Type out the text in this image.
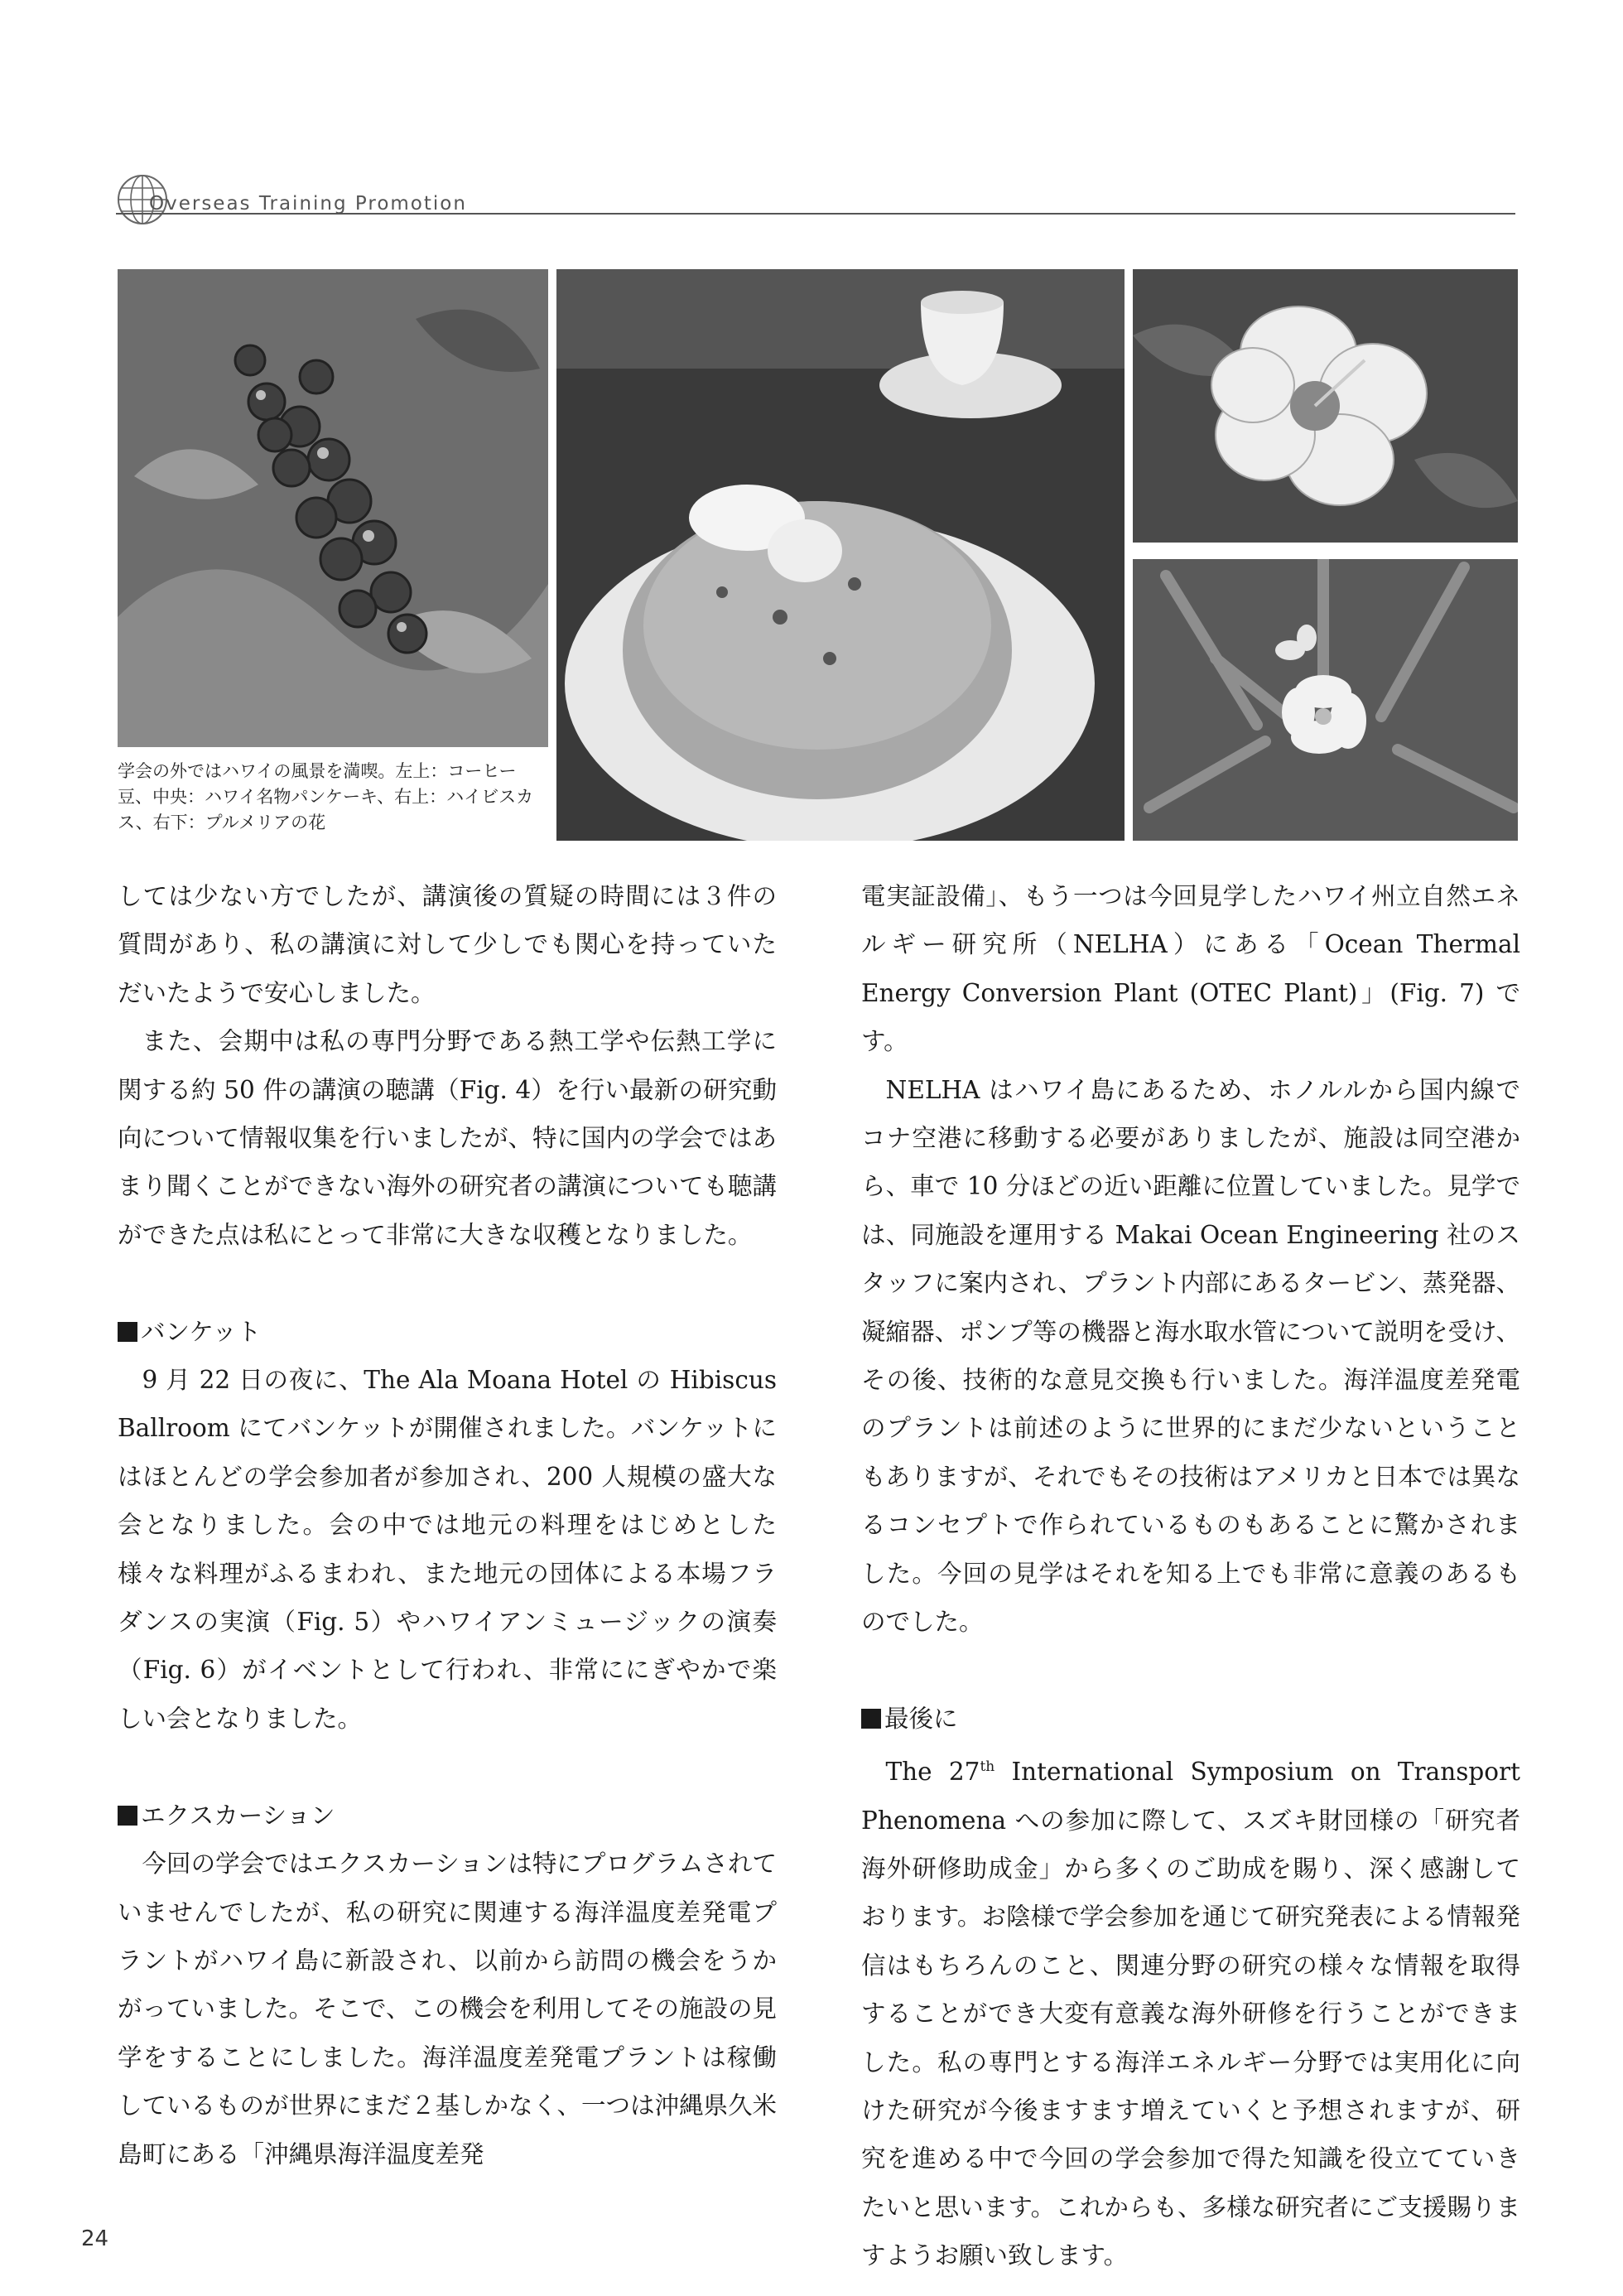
Overseas Training Promotion
学会の外ではハワイの風景を満喫。左上：コーヒー豆、中央：ハワイ名物パンケーキ、右上：ハイビスカス、右下：プルメリアの花

しては少ない方でしたが、講演後の質疑の時間には３件の質問があり、私の講演に対して少しでも関心を持っていただいたようで安心しました。

また、会期中は私の専門分野である熱工学や伝熱工学に関する約 50 件の講演の聴講（Fig. 4）を行い最新の研究動向について情報収集を行いましたが、特に国内の学会ではあまり聞くことができない海外の研究者の講演についても聴講ができた点は私にとって非常に大きな収穫となりました。

バンケット

9 月 22 日の夜に、The Ala Moana Hotel の Hibiscus Ballroom にてバンケットが開催されました。バンケットにはほとんどの学会参加者が参加され、200 人規模の盛大な会となりました。会の中では地元の料理をはじめとした様々な料理がふるまわれ、また地元の団体による本場フラダンスの実演（Fig. 5）やハワイアンミュージックの演奏（Fig. 6）がイベントとして行われ、非常ににぎやかで楽しい会となりました。

エクスカーション

今回の学会ではエクスカーションは特にプログラムされていませんでしたが、私の研究に関連する海洋温度差発電プラントがハワイ島に新設され、以前から訪問の機会をうかがっていました。そこで、この機会を利用してその施設の見学をすることにしました。海洋温度差発電プラントは稼働しているものが世界にまだ２基しかなく、一つは沖縄県久米島町にある「沖縄県海洋温度差発

電実証設備」、もう一つは今回見学したハワイ州立自然エネルギー研究所（NELHA）にある「Ocean Thermal Energy Conversion Plant (OTEC Plant)」(Fig. 7) です。

NELHA はハワイ島にあるため、ホノルルから国内線でコナ空港に移動する必要がありましたが、施設は同空港から、車で 10 分ほどの近い距離に位置していました。見学では、同施設を運用する Makai Ocean Engineering 社のスタッフに案内され、プラント内部にあるタービン、蒸発器、凝縮器、ポンプ等の機器と海水取水管について説明を受け、その後、技術的な意見交換も行いました。海洋温度差発電のプラントは前述のように世界的にまだ少ないということもありますが、それでもその技術はアメリカと日本では異なるコンセプトで作られているものもあることに驚かされました。今回の見学はそれを知る上でも非常に意義のあるものでした。

最後に

The 27th International Symposium on Transport Phenomena への参加に際して、スズキ財団様の「研究者海外研修助成金」から多くのご助成を賜り、深く感謝しております。お陰様で学会参加を通じて研究発表による情報発信はもちろんのこと、関連分野の研究の様々な情報を取得することができ大変有意義な海外研修を行うことができました。私の専門とする海洋エネルギー分野では実用化に向けた研究が今後ますます増えていくと予想されますが、研究を進める中で今回の学会参加で得た知識を役立てていきたいと思います。これからも、多様な研究者にご支援賜りますようお願い致します。

24
